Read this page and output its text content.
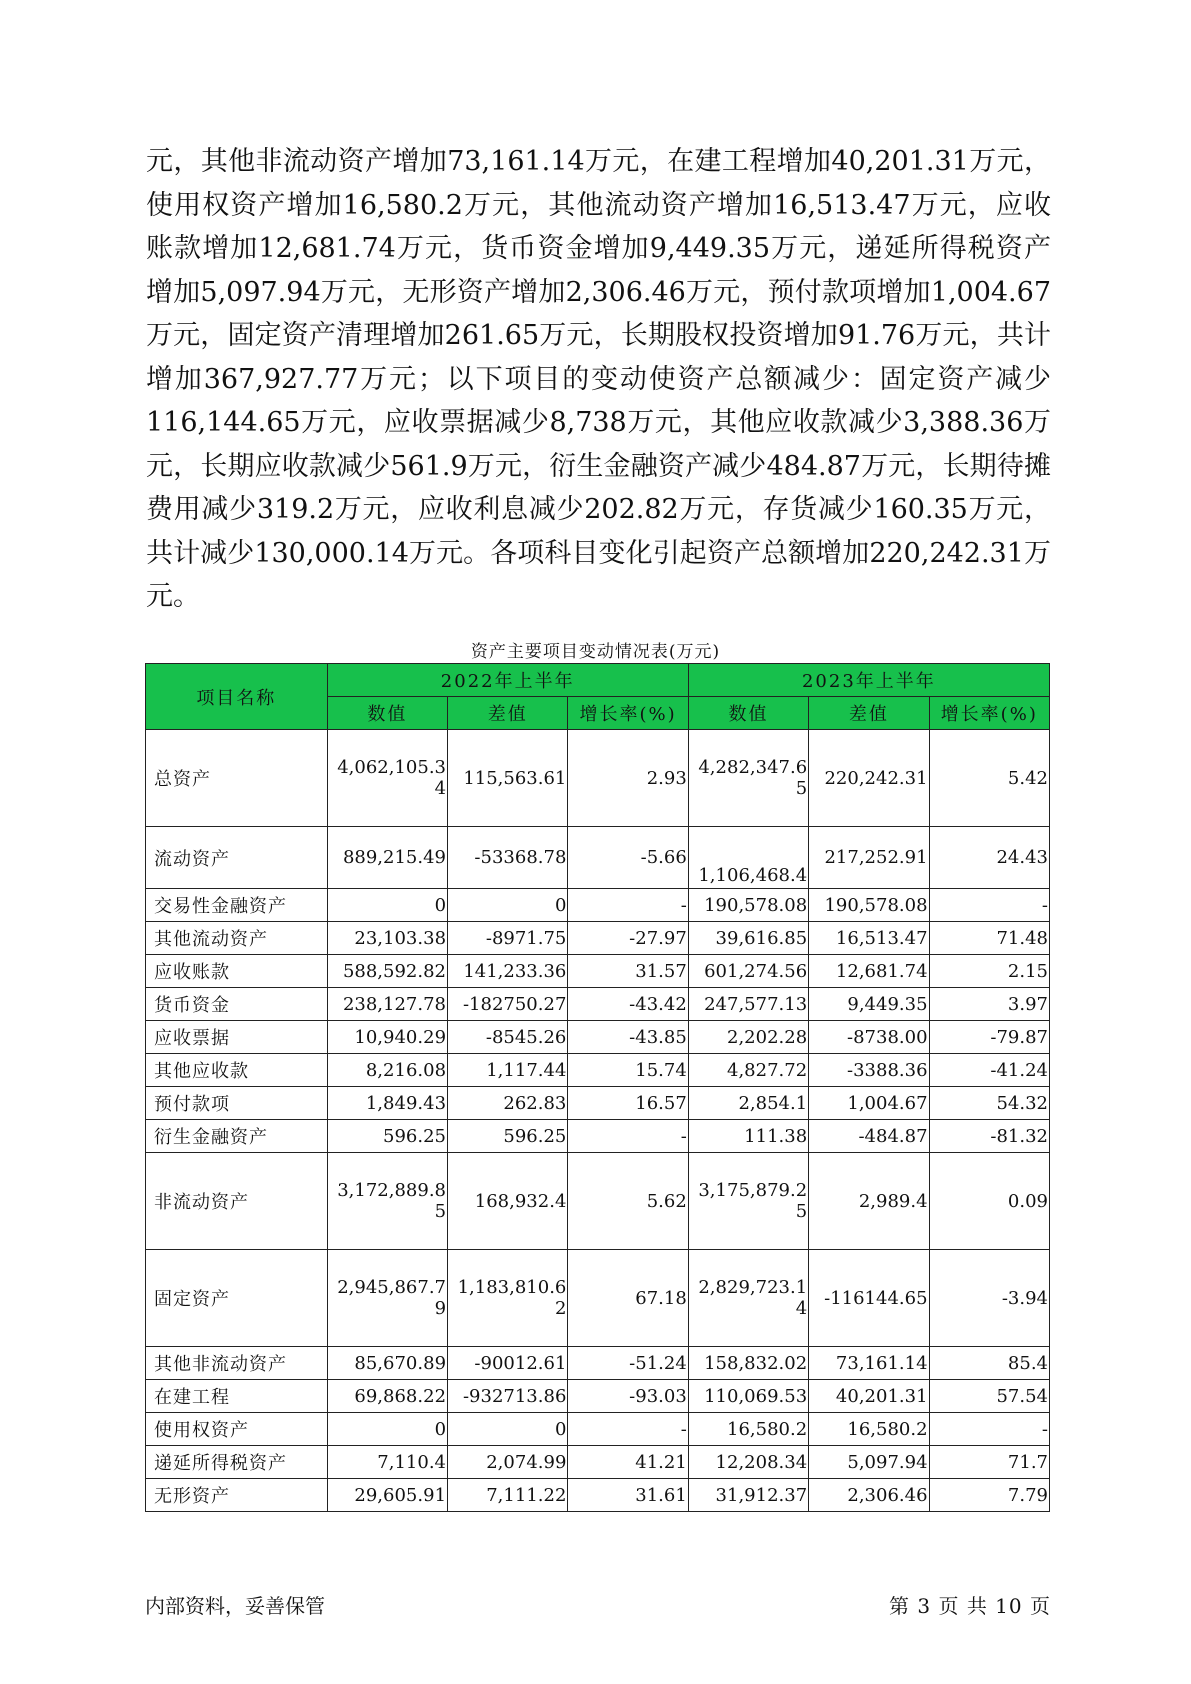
元，其他非流动资产增加73,161.14万元，在建工程增加40,201.31万元，使用权资产增加16,580.2万元，其他流动资产增加16,513.47万元，应收账款增加12,681.74万元，货币资金增加9,449.35万元，递延所得税资产增加5,097.94万元，无形资产增加2,306.46万元，预付款项增加1,004.67万元，固定资产清理增加261.65万元，长期股权投资增加91.76万元，共计增加367,927.77万元；以下项目的变动使资产总额减少：固定资产减少116,144.65万元，应收票据减少8,738万元，其他应收款减少3,388.36万元，长期应收款减少561.9万元，衍生金融资产减少484.87万元，长期待摊费用减少319.2万元，应收利息减少202.82万元，存货减少160.35万元，共计减少130,000.14万元。各项科目变化引起资产总额增加220,242.31万元。

资产主要项目变动情况表(万元)
项目名称	2022年上半年			2023年上半年		
	数值	差值	增长率(%)	数值	差值	增长率(%)
总资产	4,062,105.34	115,563.61	2.93	4,282,347.65	220,242.31	5.42
流动资产	889,215.49	-53368.78	-5.66	1,106,468.4	217,252.91	24.43
交易性金融资产	0	0	-	190,578.08	190,578.08	-
其他流动资产	23,103.38	-8971.75	-27.97	39,616.85	16,513.47	71.48
应收账款	588,592.82	141,233.36	31.57	601,274.56	12,681.74	2.15
货币资金	238,127.78	-182750.27	-43.42	247,577.13	9,449.35	3.97
应收票据	10,940.29	-8545.26	-43.85	2,202.28	-8738.00	-79.87
其他应收款	8,216.08	1,117.44	15.74	4,827.72	-3388.36	-41.24
预付款项	1,849.43	262.83	16.57	2,854.1	1,004.67	54.32
衍生金融资产	596.25	596.25	-	111.38	-484.87	-81.32
非流动资产	3,172,889.85	168,932.4	5.62	3,175,879.25	2,989.4	0.09
固定资产	2,945,867.79	1,183,810.62	67.18	2,829,723.14	-116144.65	-3.94
其他非流动资产	85,670.89	-90012.61	-51.24	158,832.02	73,161.14	85.4
在建工程	69,868.22	-932713.86	-93.03	110,069.53	40,201.31	57.54
使用权资产	0	0	-	16,580.2	16,580.2	-
递延所得税资产	7,110.4	2,074.99	41.21	12,208.34	5,097.94	71.7
无形资产	29,605.91	7,111.22	31.61	31,912.37	2,306.46	7.79
内部资料，妥善保管	第 3 页 共 10 页
